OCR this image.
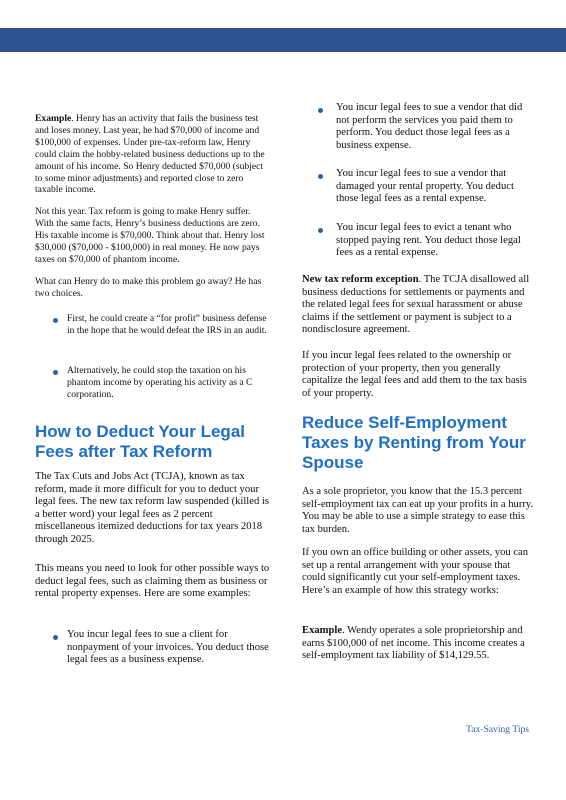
Example. Henry has an activity that fails the business test and loses money. Last year, he had $70,000 of income and $100,000 of expenses. Under pre-tax-reform law, Henry could claim the hobby-related business deductions up to the amount of his income. So Henry deducted $70,000 (subject to some minor adjustments) and reported close to zero taxable income.

Not this year. Tax reform is going to make Henry suffer. With the same facts, Henry’s business deductions are zero. His taxable income is $70,000. Think about that. Henry lost $30,000 ($70,000 - $100,000) in real money. He now pays taxes on $70,000 of phantom income.

What can Henry do to make this problem go away? He has two choices.

First, he could create a “for profit” business defense in the hope that he would defeat the IRS in an audit.

Alternatively, he could stop the taxation on his phantom income by operating his activity as a C corporation.

How to Deduct Your Legal Fees after Tax Reform

The Tax Cuts and Jobs Act (TCJA), known as tax reform, made it more difficult for you to deduct your legal fees. The new tax reform law suspended (killed is a better word) your legal fees as 2 percent miscellaneous itemized deductions for tax years 2018 through 2025.

This means you need to look for other possible ways to deduct legal fees, such as claiming them as business or rental property expenses. Here are some examples:

You incur legal fees to sue a client for nonpayment of your invoices. You deduct those legal fees as a business expense.

You incur legal fees to sue a vendor that did not perform the services you paid them to perform. You deduct those legal fees as a business expense.

You incur legal fees to sue a vendor that damaged your rental property. You deduct those legal fees as a rental expense.

You incur legal fees to evict a tenant who stopped paying rent. You deduct those legal fees as a rental expense.

New tax reform exception. The TCJA disallowed all business deductions for settlements or payments and the related legal fees for sexual harassment or abuse claims if the settlement or payment is subject to a nondisclosure agreement.

If you incur legal fees related to the ownership or protection of your property, then you generally capitalize the legal fees and add them to the tax basis of your property.

Reduce Self-Employment Taxes by Renting from Your Spouse

As a sole proprietor, you know that the 15.3 percent self-employment tax can eat up your profits in a hurry. You may be able to use a simple strategy to ease this tax burden.

If you own an office building or other assets, you can set up a rental arrangement with your spouse that could significantly cut your self-employment taxes. Here’s an example of how this strategy works:

Example. Wendy operates a sole proprietorship and earns $100,000 of net income. This income creates a self-employment tax liability of $14,129.55.

Tax-Saving Tips
